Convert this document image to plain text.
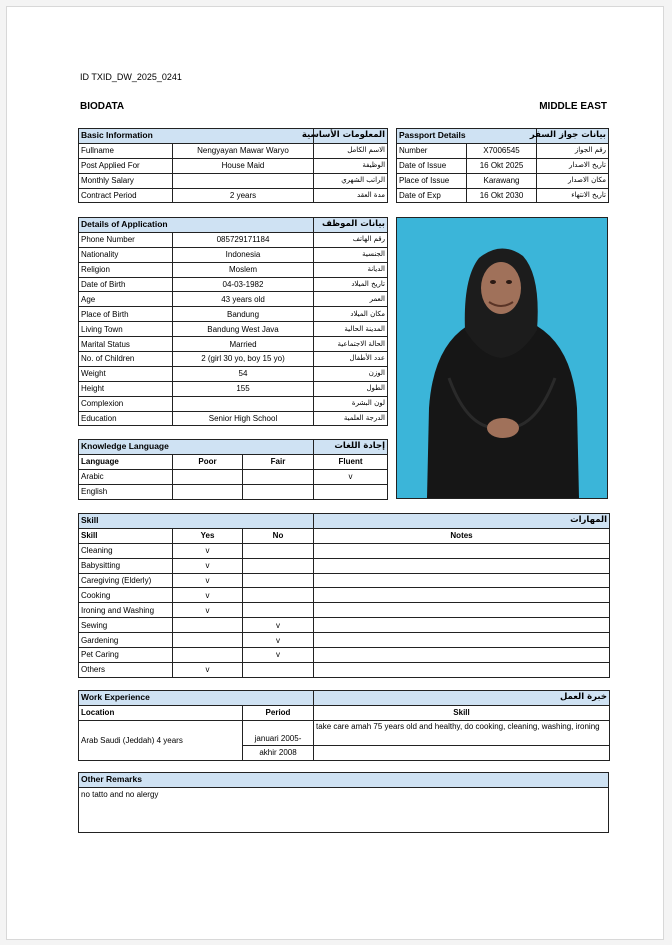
ID TXID_DW_2025_0241
BIODATA	MIDDLE EAST
Basic Information		المعلومات الأساسية
Fullname	Nengyayan Mawar Waryo	الاسم الكامل
Post Applied For	House Maid	الوظيفة
Monthly Salary		الراتب الشهري
Contract Period	2 years	مدة العقد
Passport Details		بيانات جواز السفر
Number	X7006545	رقم الجواز
Date of Issue	16 Okt 2025	تاريخ الاصدار
Place of Issue	Karawang	مكان الاصدار
Date of Exp	16 Okt 2030	تاريخ الانتهاء
Details of Application		بيانات الموظف
Phone Number	085729171184	رقم الهاتف
Nationality	Indonesia	الجنسية
Religion	Moslem	الديانة
Date of Birth	04-03-1982	تاريخ الميلاد
Age	43 years old	العمر
Place of Birth	Bandung	مكان الميلاد
Living Town	Bandung West Java	المدينة الحالية
Marital Status	Married	الحالة الاجتماعية
No. of Children	2 (girl 30 yo, boy 15 yo)	عدد الأطفال
Weight	54	الوزن
Height	155	الطول
Complexion		لون البشرة
Education	Senior High School	الدرجة العلمية
Knowledge Language			إجادة اللغات
Language	Poor	Fair	Fluent
Arabic			v
English			
Skill			المهارات
Skill	Yes	No	Notes
Cleaning	v		
Babysitting	v		
Caregiving (Elderly)	v		
Cooking	v		
Ironing and Washing	v		
Sewing		v	
Gardening		v	
Pet Caring		v	
Others	v		
Work Experience		خبرة العمل
Location	Period	Skill
Arab Saudi (Jeddah) 4 years	januari 2005-	take care amah 75 years old and healthy, do cooking, cleaning, washing, ironing
	akhir 2008	
Other Remarks
no tatto and no alergy
